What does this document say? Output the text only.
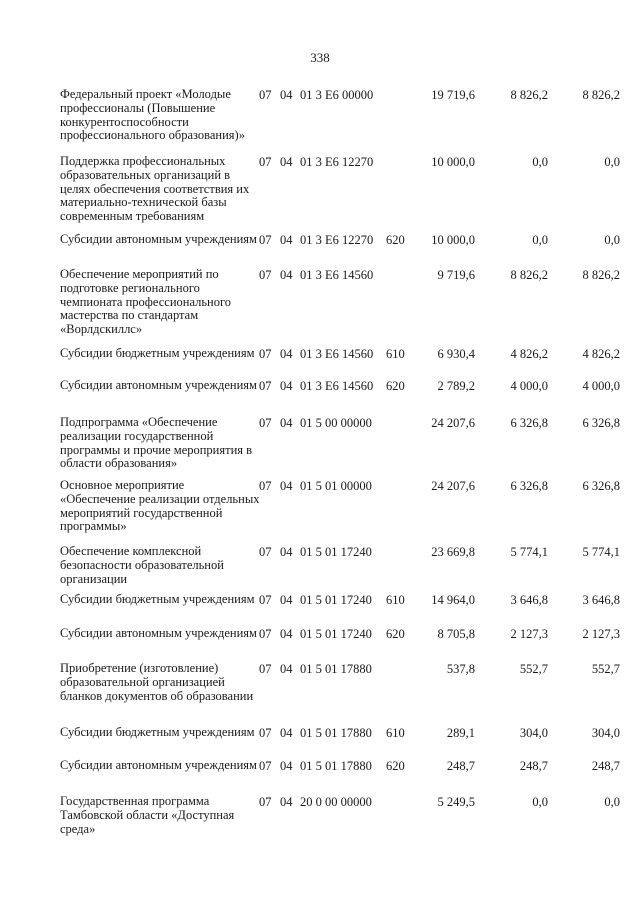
338
Федеральный проект «Молодые профессионалы (Повышение конкурентоспособности профессионального образования)»
07 04 01 3 Е6 00000	19 719,6	8 826,2	8 826,2
Поддержка профессиональных образовательных организаций в целях обеспечения соответствия их материально-технической базы современным требованиям
07 04 01 3 Е6 12270	10 000,0	0,0	0,0
Субсидии автономным учреждениям 07 04 01 3 Е6 12270 620 10 000,0	0,0	0,0
Обеспечение мероприятий по подготовке регионального чемпионата профессионального мастерства по стандартам «Ворлдскиллс»
07 04 01 3 Е6 14560	9 719,6	8 826,2	8 826,2
Субсидии бюджетным учреждениям 07 04 01 3 Е6 14560 610	6 930,4	4 826,2	4 826,2
Субсидии автономным учреждениям 07 04 01 3 Е6 14560 620	2 789,2	4 000,0	4 000,0
Подпрограмма «Обеспечение реализации государственной программы и прочие мероприятия в области образования»
07 04 01 5 00 00000	24 207,6	6 326,8	6 326,8
Основное мероприятие «Обеспечение реализации отдельных мероприятий государственной программы»
07 04 01 5 01 00000	24 207,6	6 326,8	6 326,8
Обеспечение комплексной безопасности образовательной организации
07 04 01 5 01 17240	23 669,8	5 774,1	5 774,1
Субсидии бюджетным учреждениям 07 04 01 5 01 17240 610 14 964,0	3 646,8	3 646,8
Субсидии автономным учреждениям 07 04 01 5 01 17240 620	8 705,8	2 127,3	2 127,3
Приобретение (изготовление) образовательной организацией бланков документов об образовании
07 04 01 5 01 17880	537,8	552,7	552,7
Субсидии бюджетным учреждениям 07 04 01 5 01 17880 610	289,1	304,0	304,0
Субсидии автономным учреждениям 07 04 01 5 01 17880 620	248,7	248,7	248,7
Государственная программа Тамбовской области «Доступная среда»
07 04 20 0 00 00000	5 249,5	0,0	0,0
